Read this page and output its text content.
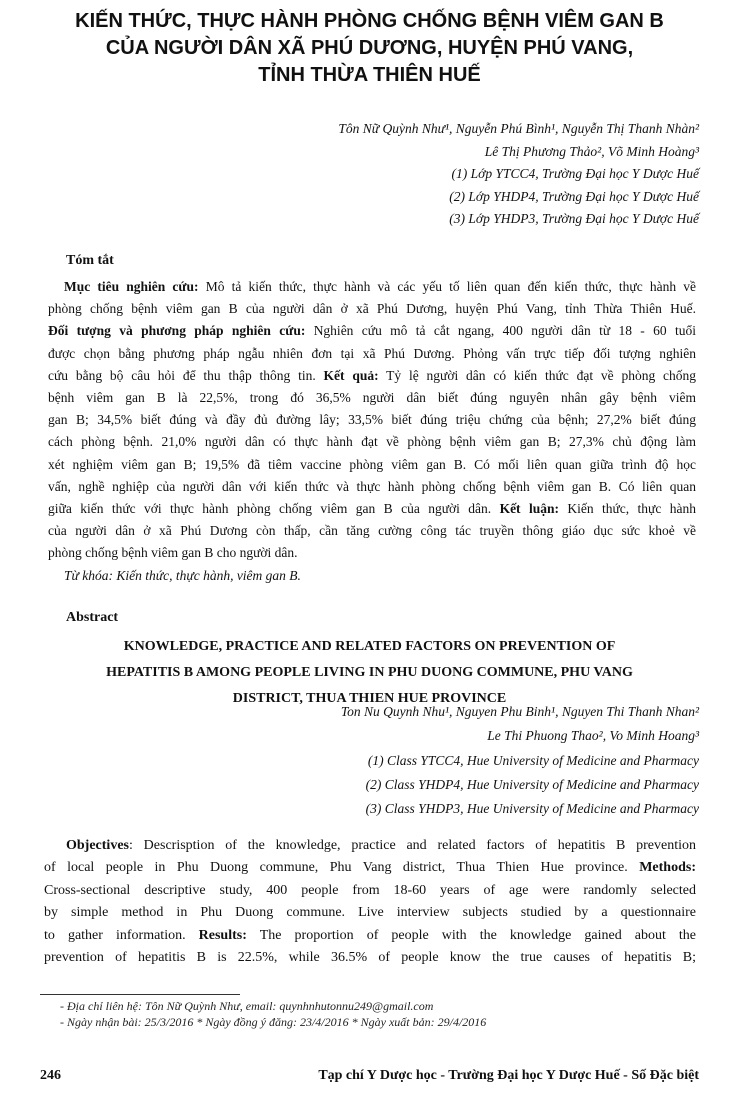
KIẾN THỨC, THỰC HÀNH PHÒNG CHỐNG BỆNH VIÊM GAN B
CỦA NGƯỜI DÂN XÃ PHÚ DƯƠNG, HUYỆN PHÚ VANG,
TỈNH THỪA THIÊN HUẾ
Tôn Nữ Quỳnh Như¹, Nguyễn Phú Bình¹, Nguyễn Thị Thanh Nhàn²
Lê Thị Phương Thảo², Võ Minh Hoàng³
(1) Lớp YTCC4, Trường Đại học Y Dược Huế
(2) Lớp YHDP4, Trường Đại học Y Dược Huế
(3) Lớp YHDP3, Trường Đại học Y Dược Huế
Tóm tắt
Mục tiêu nghiên cứu: Mô tả kiến thức, thực hành và các yếu tố liên quan đến kiến thức, thực hành về
phòng chống bệnh viêm gan B của người dân ở xã Phú Dương, huyện Phú Vang, tỉnh Thừa Thiên Huế.
Đối tượng và phương pháp nghiên cứu: Nghiên cứu mô tả cắt ngang, 400 người dân từ 18 - 60 tuổi
được chọn bằng phương pháp ngẫu nhiên đơn tại xã Phú Dương. Phỏng vấn trực tiếp đối tượng nghiên
cứu bằng bộ câu hỏi để thu thập thông tin. Kết quả: Tỷ lệ người dân có kiến thức đạt về phòng chống
bệnh viêm gan B là 22,5%, trong đó 36,5% người dân biết đúng nguyên nhân gây bệnh viêm
gan B; 34,5% biết đúng và đầy đủ đường lây; 33,5% biết đúng triệu chứng của bệnh; 27,2% biết đúng
cách phòng bệnh. 21,0% người dân có thực hành đạt về phòng bệnh viêm gan B; 27,3% chủ động làm
xét nghiệm viêm gan B; 19,5% đã tiêm vaccine phòng viêm gan B. Có mối liên quan giữa trình độ học
vấn, nghề nghiệp của người dân với kiến thức và thực hành phòng chống bệnh viêm gan B. Có liên quan
giữa kiến thức với thực hành phòng chống viêm gan B của người dân. Kết luận: Kiến thức, thực hành
của người dân ở xã Phú Dương còn thấp, cần tăng cường công tác truyền thông giáo dục sức khoẻ về
phòng chống bệnh viêm gan B cho người dân.
Từ khóa: Kiến thức, thực hành, viêm gan B.
Abstract
KNOWLEDGE, PRACTICE AND RELATED FACTORS ON PREVENTION OF
HEPATITIS B AMONG PEOPLE LIVING IN PHU DUONG COMMUNE, PHU VANG
DISTRICT, THUA THIEN HUE PROVINCE
Ton Nu Quynh Nhu¹, Nguyen Phu Binh¹, Nguyen Thi Thanh Nhan²
Le Thi Phuong Thao², Vo Minh Hoang³
(1) Class YTCC4, Hue University of Medicine and Pharmacy
(2) Class YHDP4, Hue University of Medicine and Pharmacy
(3) Class YHDP3, Hue University of Medicine and Pharmacy
Objectives: Descrisption of the knowledge, practice and related factors of hepatitis B prevention
of local people in Phu Duong commune, Phu Vang district, Thua Thien Hue province. Methods:
Cross-sectional descriptive study, 400 people from 18-60 years of age were randomly selected
by simple method in Phu Duong commune. Live interview subjects studied by a questionnaire
to gather information. Results: The proportion of people with the knowledge gained about the
prevention of hepatitis B is 22.5%, while 36.5% of people know the true causes of hepatitis B;
- Địa chỉ liên hệ: Tôn Nữ Quỳnh Như, email: quynhnhutonnu249@gmail.com
- Ngày nhận bài: 25/3/2016 * Ngày đồng ý đăng: 23/4/2016 * Ngày xuất bản: 29/4/2016
246	Tạp chí Y Dược học - Trường Đại học Y Dược Huế - Số Đặc biệt
